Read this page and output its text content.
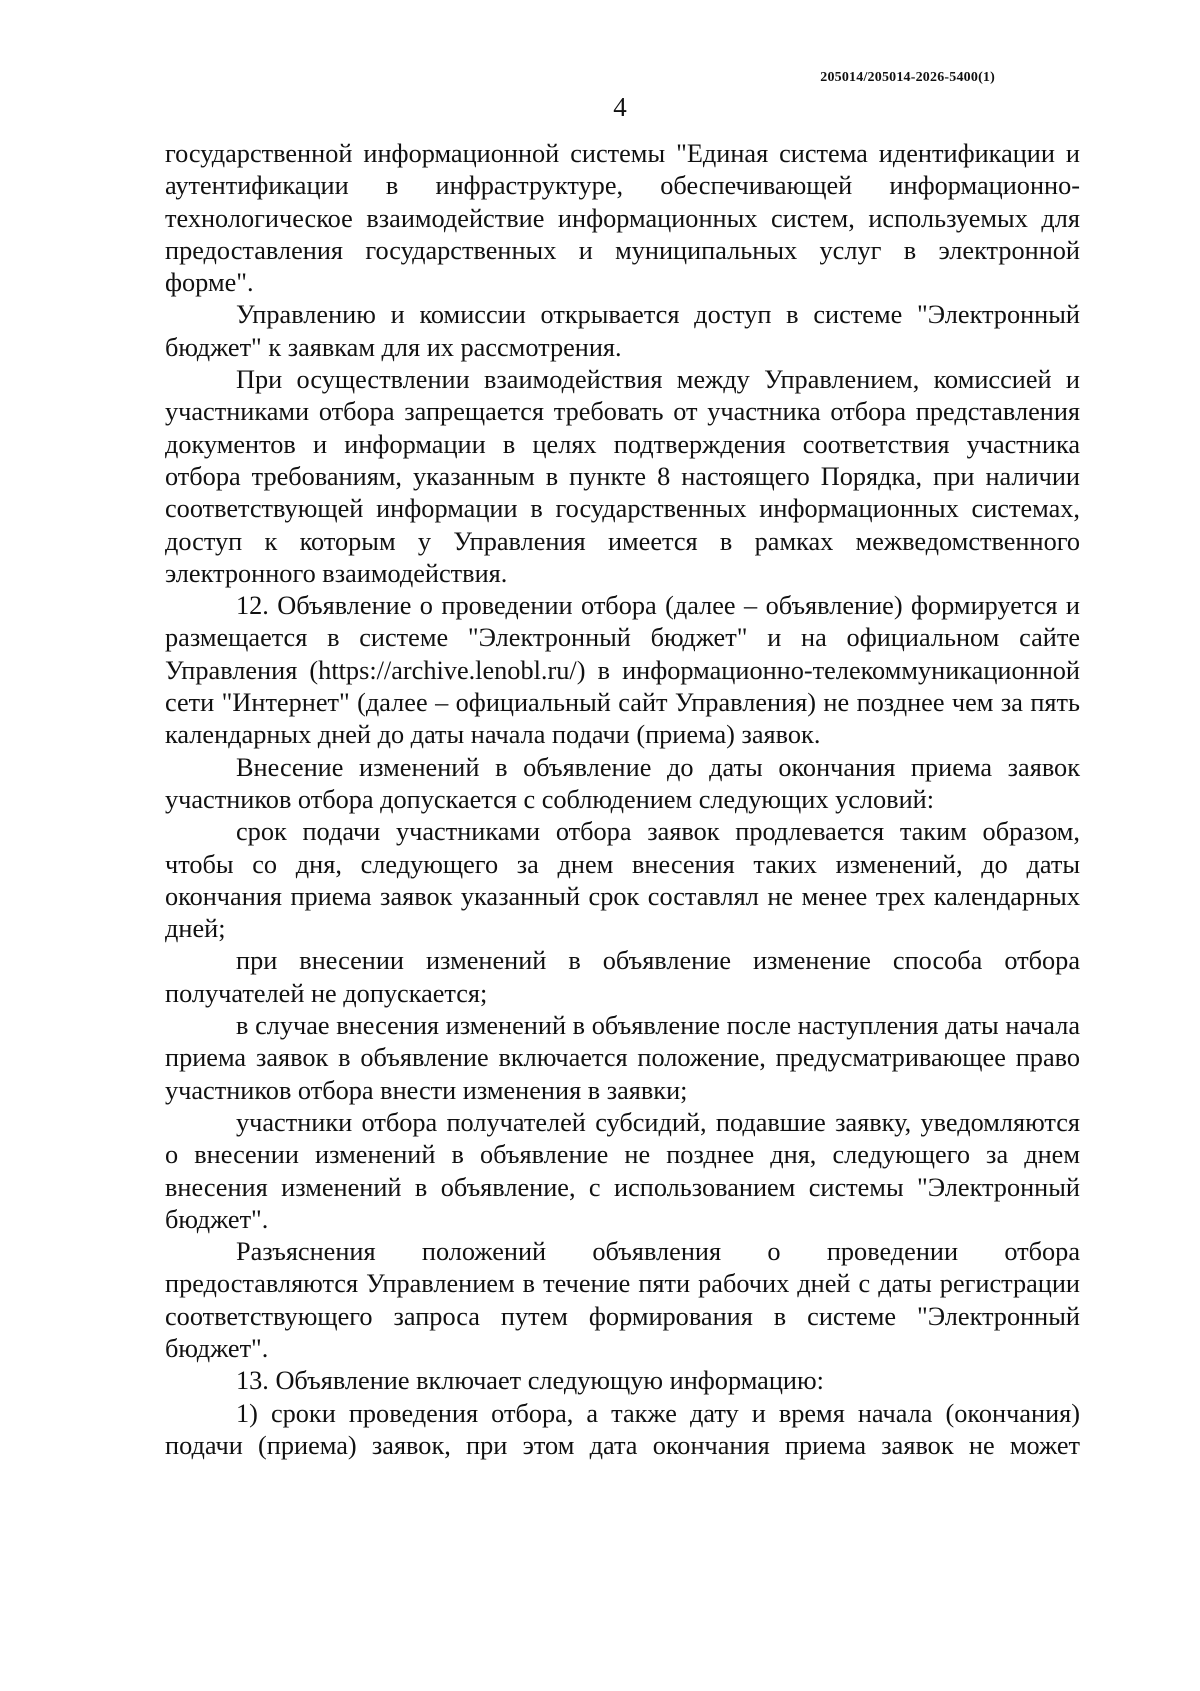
205014/205014-2026-5400(1)
4

государственной информационной системы "Единая система идентификации и аутентификации в инфраструктуре, обеспечивающей информационно-технологическое взаимодействие информационных систем, используемых для предоставления государственных и муниципальных услуг в электронной форме".

Управлению и комиссии открывается доступ в системе "Электронный бюджет" к заявкам для их рассмотрения.

При осуществлении взаимодействия между Управлением, комиссией и участниками отбора запрещается требовать от участника отбора представления документов и информации в целях подтверждения соответствия участника отбора требованиям, указанным в пункте 8 настоящего Порядка, при наличии соответствующей информации в государственных информационных системах, доступ к которым у Управления имеется в рамках межведомственного электронного взаимодействия.

12. Объявление о проведении отбора (далее – объявление) формируется и размещается в системе "Электронный бюджет" и на официальном сайте Управления (https://archive.lenobl.ru/) в информационно-телекоммуникационной сети "Интернет" (далее – официальный сайт Управления) не позднее чем за пять календарных дней до даты начала подачи (приема) заявок.

Внесение изменений в объявление до даты окончания приема заявок участников отбора допускается с соблюдением следующих условий:

срок подачи участниками отбора заявок продлевается таким образом, чтобы со дня, следующего за днем внесения таких изменений, до даты окончания приема заявок указанный срок составлял не менее трех календарных дней;

при внесении изменений в объявление изменение способа отбора получателей не допускается;

в случае внесения изменений в объявление после наступления даты начала приема заявок в объявление включается положение, предусматривающее право участников отбора внести изменения в заявки;

участники отбора получателей субсидий, подавшие заявку, уведомляются о внесении изменений в объявление не позднее дня, следующего за днем внесения изменений в объявление, с использованием системы "Электронный бюджет".

Разъяснения положений объявления о проведении отбора предоставляются Управлением в течение пяти рабочих дней с даты регистрации соответствующего запроса путем формирования в системе "Электронный бюджет".

13. Объявление включает следующую информацию:

1) сроки проведения отбора, а также дату и время начала (окончания) подачи (приема) заявок, при этом дата окончания приема заявок не может
